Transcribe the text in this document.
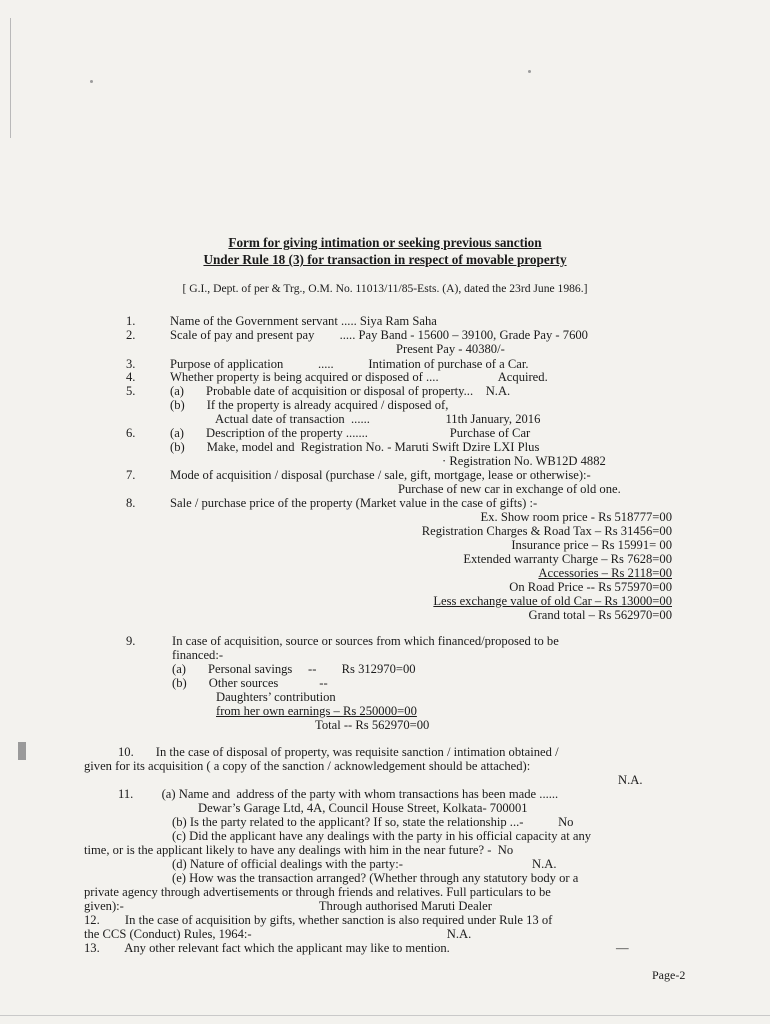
Form for giving intimation or seeking previous sanction
Under Rule 18 (3) for transaction in respect of movable property
[ G.I., Dept. of per & Trg., O.M. No. 11013/11/85-Ests. (A), dated the 23rd June 1986.]
1.	Name of the Government servant ..... Siya Ram Saha
2.	Scale of pay and present pay        ..... Pay Band - 15600 – 39100, Grade Pay - 7600
Present Pay - 40380/-
3.	Purpose of application           .....           Intimation of purchase of a Car.
4.	Whether property is being acquired or disposed of ....                   Acquired.
5.	(a)       Probable date of acquisition or disposal of property...    N.A.
(b)       If the property is already acquired / disposed of,
Actual date of transaction  ......                        11th January, 2016
6.	(a)       Description of the property .......                          Purchase of Car
(b)       Make, model and  Registration No. - Maruti Swift Dzire LXI Plus
· Registration No. WB12D 4882
7.	Mode of acquisition / disposal (purchase / sale, gift, mortgage, lease or otherwise):-
Purchase of new car in exchange of old one.
8.	Sale / purchase price of the property (Market value in the case of gifts) :-
Ex. Show room price - Rs 518777=00
Registration Charges & Road Tax – Rs 31456=00
Insurance price – Rs 15991= 00
Extended warranty Charge – Rs 7628=00
Accessories – Rs 2118=00
On Road Price -- Rs 575970=00
Less exchange value of old Car – Rs 13000=00
Grand total – Rs 562970=00
9.	In case of acquisition, source or sources from which financed/proposed to be
financed:-
(a)       Personal savings     --        Rs 312970=00
(b)       Other sources             --
Daughters’ contribution
from her own earnings – Rs 250000=00
Total -- Rs 562970=00
10.       In the case of disposal of property, was requisite sanction / intimation obtained /
given for its acquisition ( a copy of the sanction / acknowledgement should be attached):
N.A.
11.         (a) Name and  address of the party with whom transactions has been made ......
Dewar’s Garage Ltd, 4A, Council House Street, Kolkata- 700001
(b) Is the party related to the applicant? If so, state the relationship ...-           No
(c) Did the applicant have any dealings with the party in his official capacity at any
time, or is the applicant likely to have any dealings with him in the near future? -  No
(d) Nature of official dealings with the party:-                                         N.A.
(e) How was the transaction arranged? (Whether through any statutory body or a
private agency through advertisements or through friends and relatives. Full particulars to be
given):-                                                              Through authorised Maruti Dealer
12.        In the case of acquisition by gifts, whether sanction is also required under Rule 13 of
the CCS (Conduct) Rules, 1964:-                                                              N.A.
13.        Any other relevant fact which the applicant may like to mention.	—
Page-2
